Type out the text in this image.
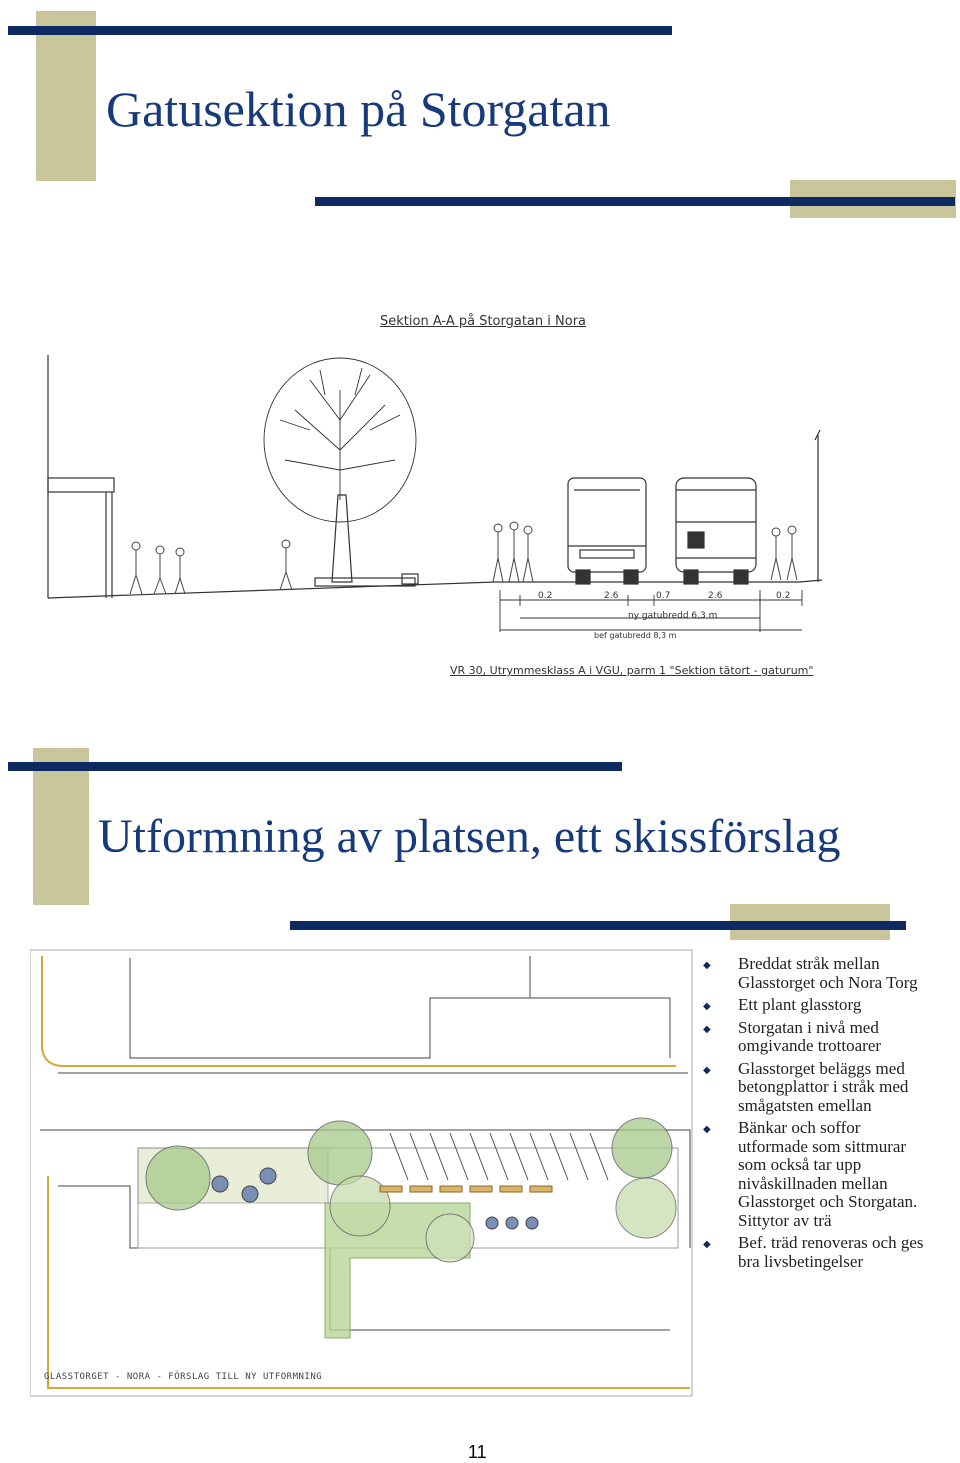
Gatusektion på Storgatan
Sektion A-A på Storgatan i Nora
0.2	2.6	0.7	2.6	0.2
ny gatubredd 6,3 m
bef gatubredd 8,3 m
VR 30, Utrymmesklass A i VGU, parm 1 "Sektion tätort - gaturum"
Utformning av platsen, ett skissförslag
GLASSTORGET - NORA - FÖRSLAG TILL NY UTFORMNING
◆ Breddat stråk mellan Glasstorget och Nora Torg
◆ Ett plant glasstorg
◆ Storgatan i nivå med omgivande trottoarer
◆ Glasstorget beläggs med betongplattor i stråk med smågatsten emellan
◆ Bänkar och soffor utformade som sittmurar som också tar upp nivåskillnaden mellan Glasstorget och Storgatan. Sittytor av trä
◆ Bef. träd renoveras och ges bra livsbetingelser
11
